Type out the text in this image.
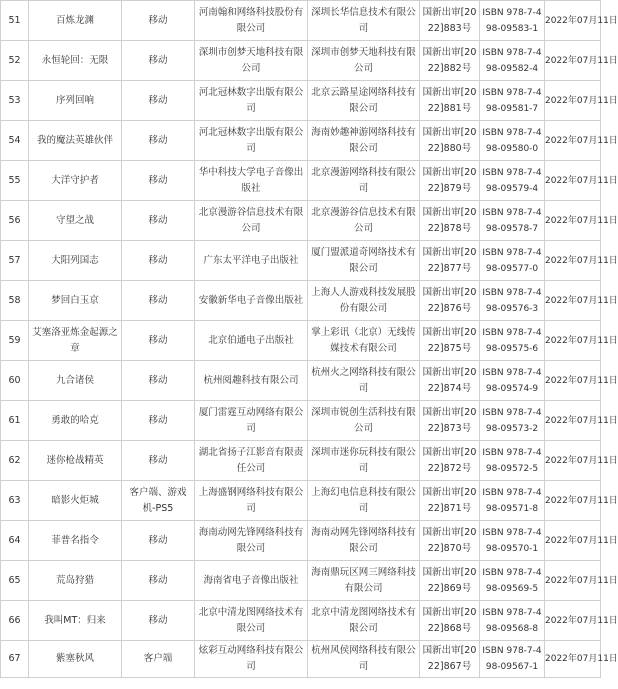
51	百炼龙渊	移动	河南翰和网络科技股份有限公司	深圳长华信息技术有限公司	国新出审[2022]883号	ISBN 978-7-498-09583-1	2022年07月11日
52	永恒轮回：无限	移动	深圳市创梦天地科技有限公司	深圳市创梦天地科技有限公司	国新出审[2022]882号	ISBN 978-7-498-09582-4	2022年07月11日
53	序列回响	移动	河北冠林数字出版有限公司	北京云路星途网络科技有限公司	国新出审[2022]881号	ISBN 978-7-498-09581-7	2022年07月11日
54	我的魔法英雄伙伴	移动	河北冠林数字出版有限公司	海南妙趣神游网络科技有限公司	国新出审[2022]880号	ISBN 978-7-498-09580-0	2022年07月11日
55	大洋守护者	移动	华中科技大学电子音像出版社	北京漫游网络科技有限公司	国新出审[2022]879号	ISBN 978-7-498-09579-4	2022年07月11日
56	守望之战	移动	北京漫游谷信息技术有限公司	北京漫游谷信息技术有限公司	国新出审[2022]878号	ISBN 978-7-498-09578-7	2022年07月11日
57	大阳列国志	移动	广东太平洋电子出版社	厦门盟派道奇网络技术有限公司	国新出审[2022]877号	ISBN 978-7-498-09577-0	2022年07月11日
58	梦回白玉京	移动	安徽新华电子音像出版社	上海人人游戏科技发展股份有限公司	国新出审[2022]876号	ISBN 978-7-498-09576-3	2022年07月11日
59	艾塞洛亚炼金起源之章	移动	北京伯通电子出版社	掌上彩讯（北京）无线传媒技术有限公司	国新出审[2022]875号	ISBN 978-7-498-09575-6	2022年07月11日
60	九合诸侯	移动	杭州阅趣科技有限公司	杭州火之网络科技有限公司	国新出审[2022]874号	ISBN 978-7-498-09574-9	2022年07月11日
61	勇敢的哈克	移动	厦门雷霆互动网络有限公司	深圳市锐创生活科技有限公司	国新出审[2022]873号	ISBN 978-7-498-09573-2	2022年07月11日
62	迷你枪战精英	移动	湖北省扬子江影音有限责任公司	深圳市迷你玩科技有限公司	国新出审[2022]872号	ISBN 978-7-498-09572-5	2022年07月11日
63	暗影火炬城	客户端、游戏机-PS5	上海盛钢网络科技有限公司	上海幻电信息科技有限公司	国新出审[2022]871号	ISBN 978-7-498-09571-8	2022年07月11日
64	菲普名指令	移动	海南动网先锋网络科技有限公司	海南动网先锋网络科技有限公司	国新出审[2022]870号	ISBN 978-7-498-09570-1	2022年07月11日
65	荒岛狩猎	移动	海南省电子音像出版社	海南鼎玩区网三网络科技有限公司	国新出审[2022]869号	ISBN 978-7-498-09569-5	2022年07月11日
66	我叫MT：归来	移动	北京中清龙图网络技术有限公司	北京中清龙图网络技术有限公司	国新出审[2022]868号	ISBN 978-7-498-09568-8	2022年07月11日
67	紫塞秋风	客户端	炫彩互动网络科技有限公司	杭州风侯网络科技有限公司	国新出审[2022]867号	ISBN 978-7-498-09567-1	2022年07月11日
